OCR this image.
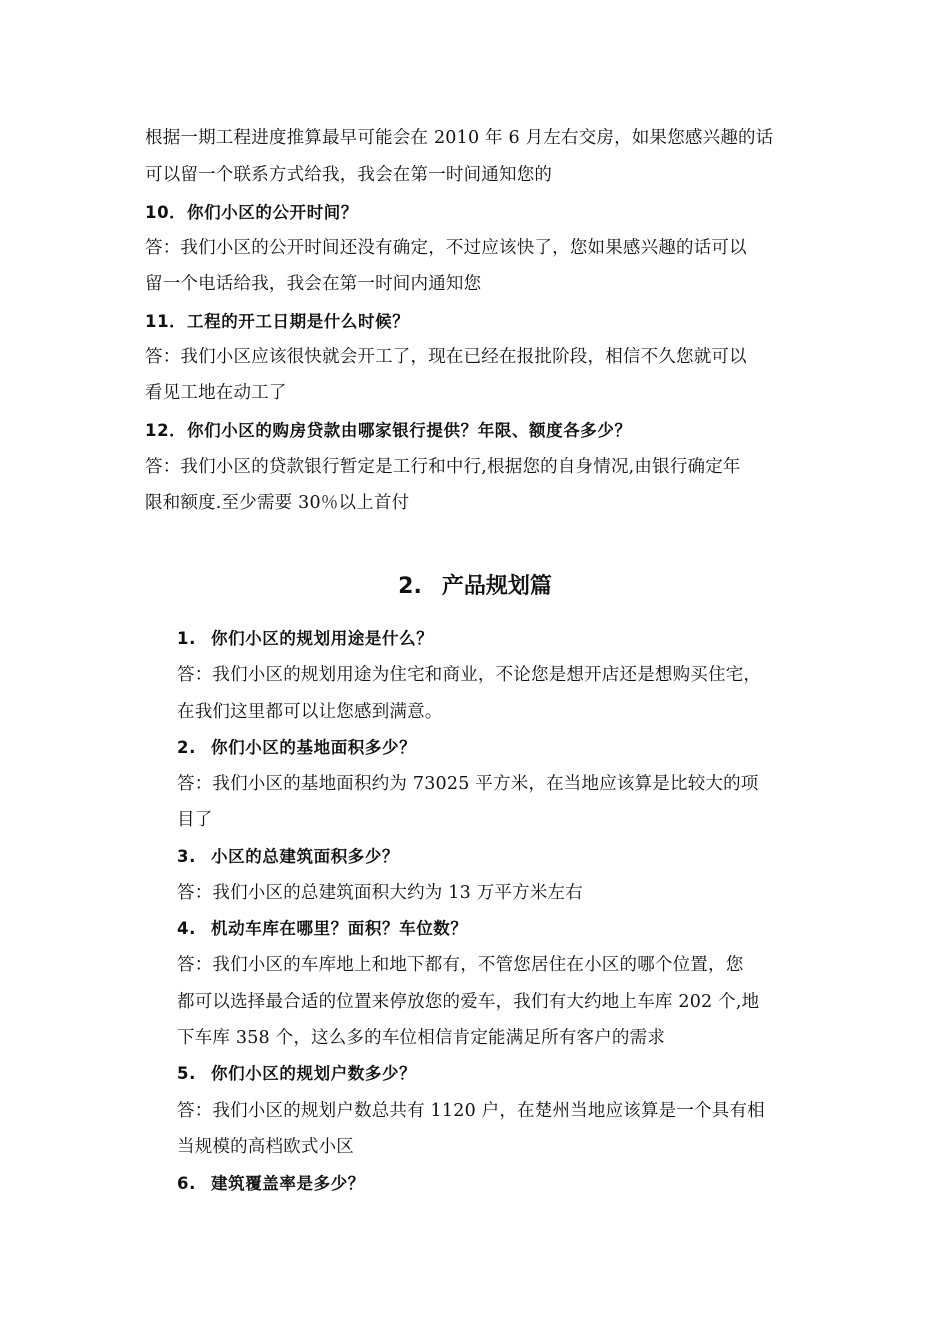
根据一期工程进度推算最早可能会在 2010 年 6 月左右交房，如果您感兴趣的话
可以留一个联系方式给我，我会在第一时间通知您的
10．你们小区的公开时间？
答：我们小区的公开时间还没有确定，不过应该快了，您如果感兴趣的话可以
留一个电话给我，我会在第一时间内通知您
11．工程的开工日期是什么时候？
答：我们小区应该很快就会开工了，现在已经在报批阶段，相信不久您就可以
看见工地在动工了
12．你们小区的购房贷款由哪家银行提供？年限、额度各多少？
答：我们小区的贷款银行暂定是工行和中行,根据您的自身情况,由银行确定年
限和额度.至少需要 30％以上首付
2. 产品规划篇
1. 你们小区的规划用途是什么？
答：我们小区的规划用途为住宅和商业，不论您是想开店还是想购买住宅，
在我们这里都可以让您感到满意。
2. 你们小区的基地面积多少？
答：我们小区的基地面积约为 73025 平方米，在当地应该算是比较大的项
目了
3. 小区的总建筑面积多少？
答：我们小区的总建筑面积大约为 13 万平方米左右
4. 机动车库在哪里？面积？车位数？
答：我们小区的车库地上和地下都有，不管您居住在小区的哪个位置，您
都可以选择最合适的位置来停放您的爱车，我们有大约地上车库 202 个,地
下车库 358 个，这么多的车位相信肯定能满足所有客户的需求
5. 你们小区的规划户数多少？
答：我们小区的规划户数总共有 1120 户，在楚州当地应该算是一个具有相
当规模的高档欧式小区
6. 建筑覆盖率是多少？
